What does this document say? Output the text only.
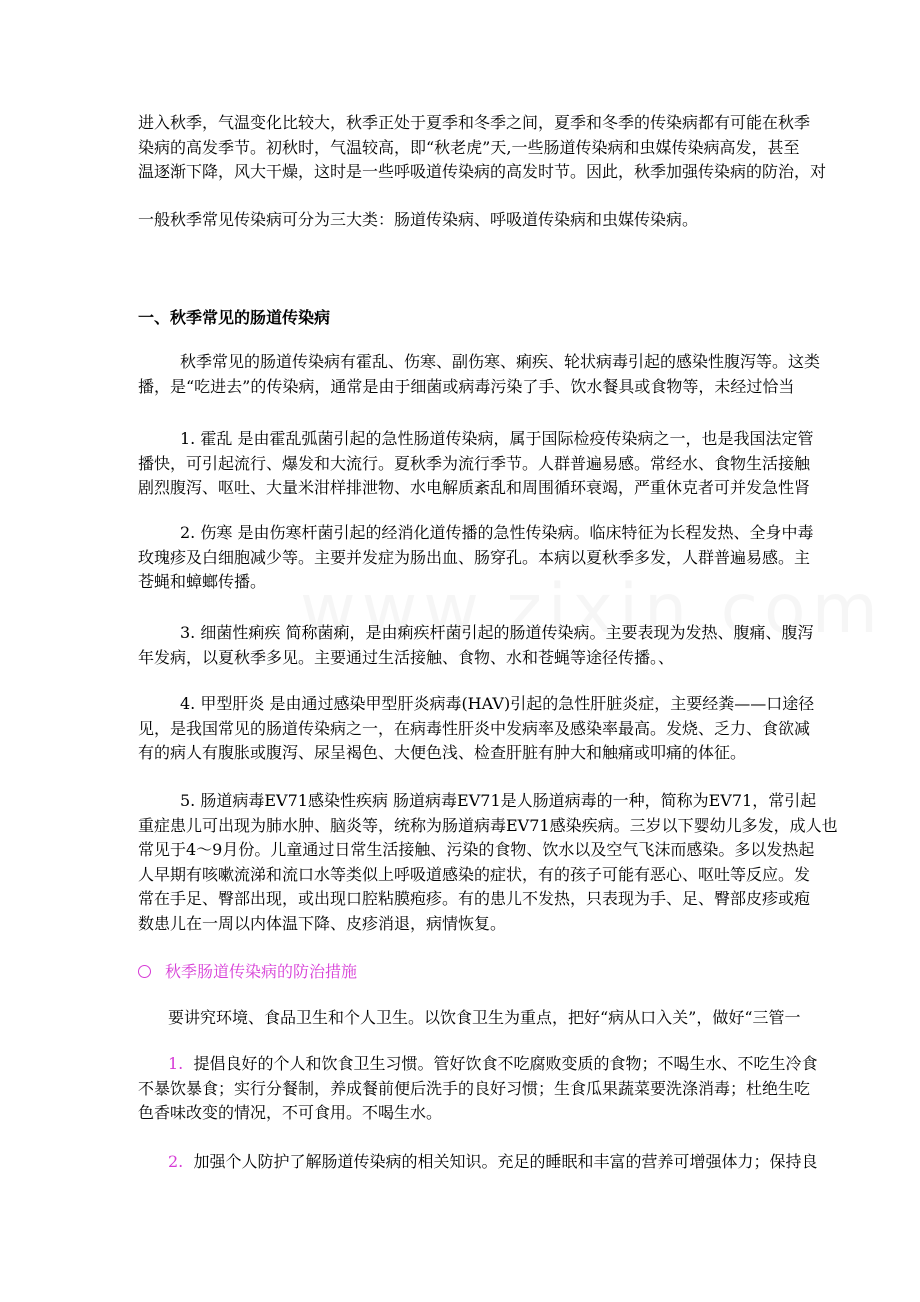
进入秋季，气温变化比较大，秋季正处于夏季和冬季之间，夏季和冬季的传染病都有可能在秋季
染病的高发季节。初秋时，气温较高，即“秋老虎”天,一些肠道传染病和虫媒传染病高发，甚至
温逐渐下降，风大干燥，这时是一些呼吸道传染病的高发时节。因此，秋季加强传染病的防治，对
一般秋季常见传染病可分为三大类：肠道传染病、呼吸道传染病和虫媒传染病。
一、秋季常见的肠道传染病
秋季常见的肠道传染病有霍乱、伤寒、副伤寒、痢疾、轮状病毒引起的感染性腹泻等。这类
播，是“吃进去”的传染病，通常是由于细菌或病毒污染了手、饮水餐具或食物等，未经过恰当
1. 霍乱 是由霍乱弧菌引起的急性肠道传染病，属于国际检疫传染病之一，也是我国法定管
播快，可引起流行、爆发和大流行。夏秋季为流行季节。人群普遍易感。常经水、食物生活接触
剧烈腹泻、呕吐、大量米泔样排泄物、水电解质紊乱和周围循环衰竭，严重休克者可并发急性肾
2. 伤寒 是由伤寒杆菌引起的经消化道传播的急性传染病。临床特征为长程发热、全身中毒
玫瑰疹及白细胞减少等。主要并发症为肠出血、肠穿孔。本病以夏秋季多发，人群普遍易感。主
苍蝇和蟑螂传播。
3. 细菌性痢疾 简称菌痢，是由痢疾杆菌引起的肠道传染病。主要表现为发热、腹痛、腹泻
年发病，以夏秋季多见。主要通过生活接触、食物、水和苍蝇等途径传播。、
4. 甲型肝炎 是由通过感染甲型肝炎病毒(HAV)引起的急性肝脏炎症，主要经粪——口途径
见，是我国常见的肠道传染病之一，在病毒性肝炎中发病率及感染率最高。发烧、乏力、食欲减
有的病人有腹胀或腹泻、尿呈褐色、大便色浅、检查肝脏有肿大和触痛或叩痛的体征。
5. 肠道病毒EV71感染性疾病 肠道病毒EV71是人肠道病毒的一种，简称为EV71，常引起
重症患儿可出现为肺水肿、脑炎等，统称为肠道病毒EV71感染疾病。三岁以下婴幼儿多发，成人也
常见于4～9月份。儿童通过日常生活接触、污染的食物、饮水以及空气飞沫而感染。多以发热起
人早期有咳嗽流涕和流口水等类似上呼吸道感染的症状，有的孩子可能有恶心、呕吐等反应。发
常在手足、臀部出现，或出现口腔粘膜疱疹。有的患儿不发热，只表现为手、足、臀部皮疹或疱
数患儿在一周以内体温下降、皮疹消退，病情恢复。
秋季肠道传染病的防治措施
要讲究环境、食品卫生和个人卫生。以饮食卫生为重点，把好“病从口入关”，做好“三管一
1. 提倡良好的个人和饮食卫生习惯。管好饮食不吃腐败变质的食物；不喝生水、不吃生冷食
不暴饮暴食；实行分餐制，养成餐前便后洗手的良好习惯；生食瓜果蔬菜要洗涤消毒；杜绝生吃
色香味改变的情况，不可食用。不喝生水。
2. 加强个人防护了解肠道传染病的相关知识。充足的睡眠和丰富的营养可增强体力；保持良
